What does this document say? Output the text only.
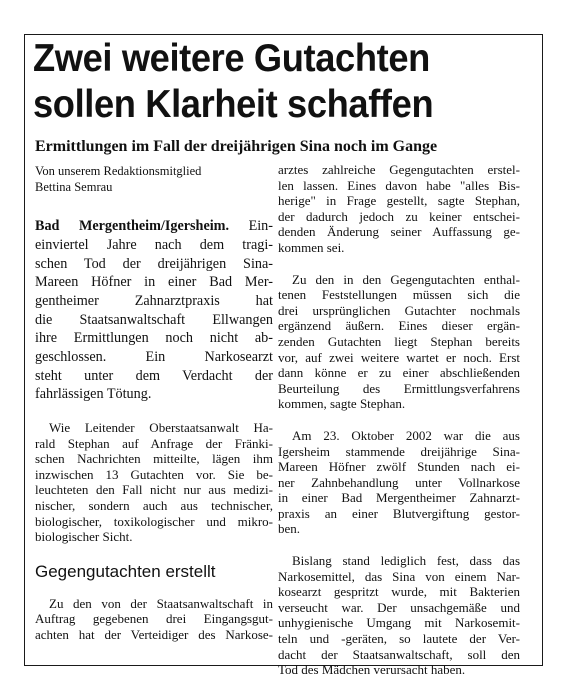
Zwei weitere Gutachten
sollen Klarheit schaffen
Ermittlungen im Fall der dreijährigen Sina noch im Gange
Von unserem Redaktionsmitglied
Bettina Semrau
Bad Mergentheim/Igersheim. Ein-
einviertel Jahre nach dem tragi-
schen Tod der dreijährigen Sina-
Mareen Höfner in einer Bad Mer-
gentheimer Zahnarztpraxis hat
die Staatsanwaltschaft Ellwangen
ihre Ermittlungen noch nicht ab-
geschlossen. Ein Narkosearzt
steht unter dem Verdacht der
fahrlässigen Tötung.
Wie Leitender Oberstaatsanwalt Ha-
rald Stephan auf Anfrage der Fränki-
schen Nachrichten mitteilte, lägen ihm
inzwischen 13 Gutachten vor. Sie be-
leuchteten den Fall nicht nur aus medizi-
nischer, sondern auch aus technischer,
biologischer, toxikologischer und mikro-
biologischer Sicht.
Gegengutachten erstellt
Zu den von der Staatsanwaltschaft in
Auftrag gegebenen drei Eingangsgut-
achten hat der Verteidiger des Narkose-
arztes zahlreiche Gegengutachten erstel-
len lassen. Eines davon habe "alles Bis-
herige" in Frage gestellt, sagte Stephan,
der dadurch jedoch zu keiner entschei-
denden Änderung seiner Auffassung ge-
kommen sei.
Zu den in den Gegengutachten enthal-
tenen Feststellungen müssen sich die
drei ursprünglichen Gutachter nochmals
ergänzend äußern. Eines dieser ergän-
zenden Gutachten liegt Stephan bereits
vor, auf zwei weitere wartet er noch. Erst
dann könne er zu einer abschließenden
Beurteilung des Ermittlungsverfahrens
kommen, sagte Stephan.
Am 23. Oktober 2002 war die aus
Igersheim stammende dreijährige Sina-
Mareen Höfner zwölf Stunden nach ei-
ner Zahnbehandlung unter Vollnarkose
in einer Bad Mergentheimer Zahnarzt-
praxis an einer Blutvergiftung gestor-
ben.
Bislang stand lediglich fest, dass das
Narkosemittel, das Sina von einem Nar-
kosearzt gespritzt wurde, mit Bakterien
verseucht war. Der unsachgemäße und
unhygienische Umgang mit Narkosemit-
teln und -geräten, so lautete der Ver-
dacht der Staatsanwaltschaft, soll den
Tod des Mädchen verursacht haben.
